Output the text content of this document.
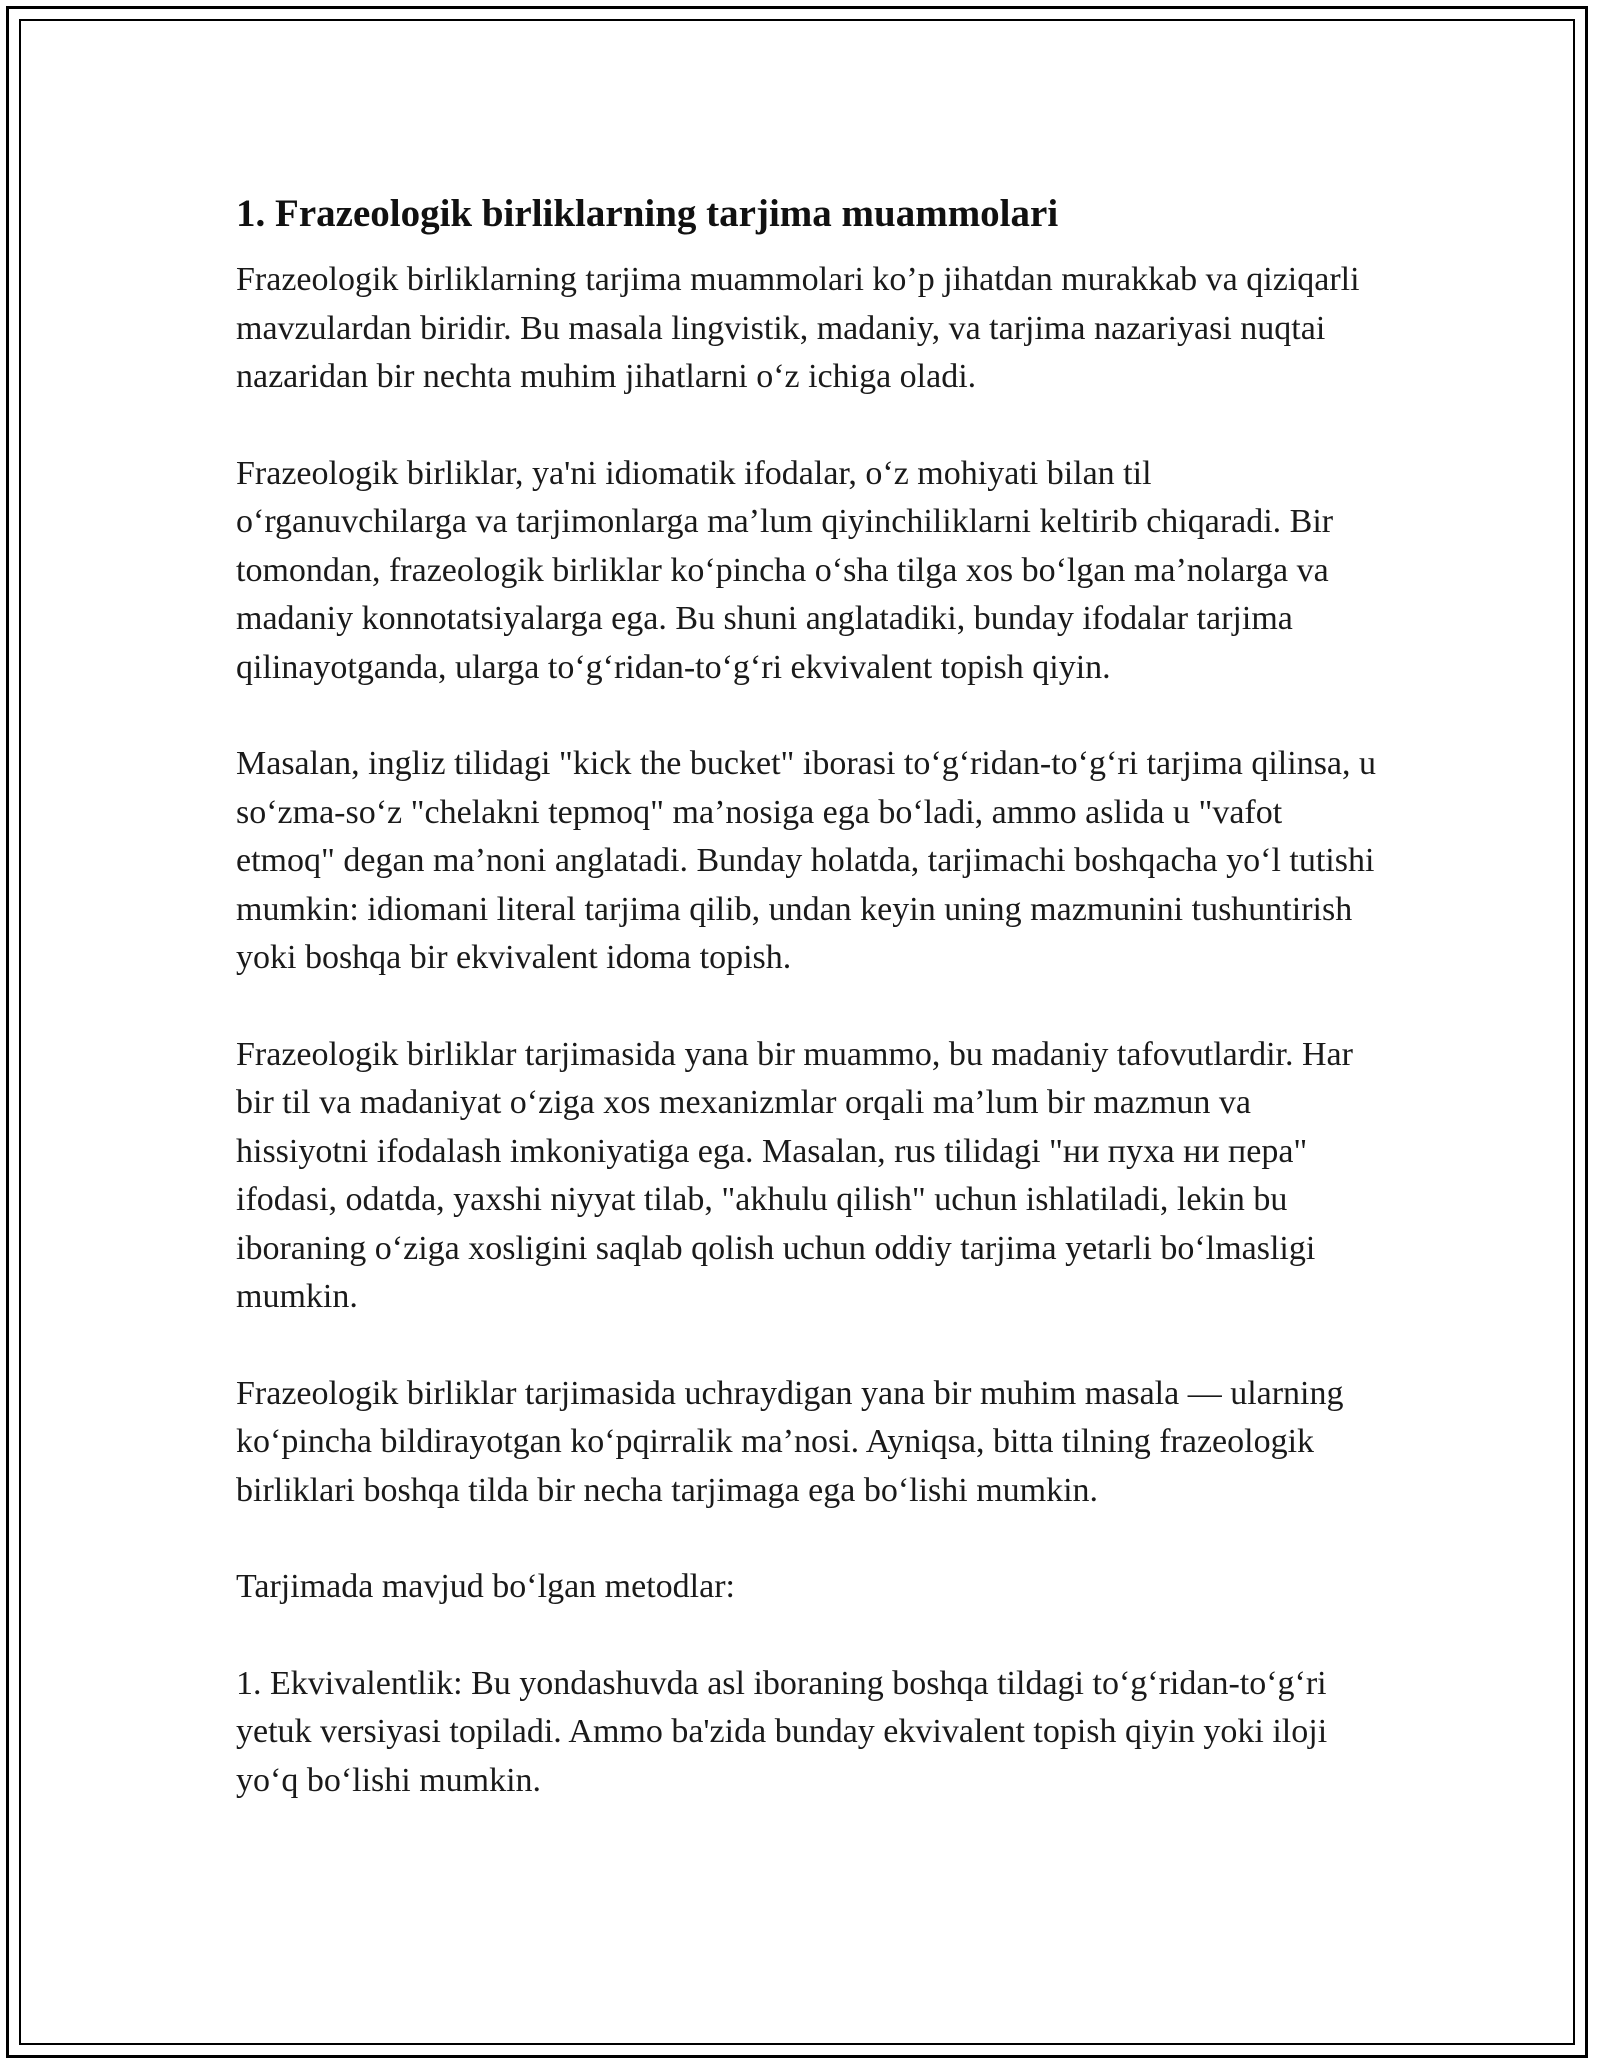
1. Frazeologik birliklarning tarjima muammolari

Frazeologik birliklarning tarjima muammolari ko’p jihatdan murakkab va qiziqarli mavzulardan biridir. Bu masala lingvistik, madaniy, va tarjima nazariyasi nuqtai nazaridan bir nechta muhim jihatlarni o‘z ichiga oladi.

Frazeologik birliklar, ya'ni idiomatik ifodalar, o‘z mohiyati bilan til o‘rganuvchilarga va tarjimonlarga ma’lum qiyinchiliklarni keltirib chiqaradi. Bir tomondan, frazeologik birliklar ko‘pincha o‘sha tilga xos bo‘lgan ma’nolarga va madaniy konnotatsiyalarga ega. Bu shuni anglatadiki, bunday ifodalar tarjima qilinayotganda, ularga to‘g‘ridan-to‘g‘ri ekvivalent topish qiyin.

Masalan, ingliz tilidagi "kick the bucket" iborasi to‘g‘ridan-to‘g‘ri tarjima qilinsa, u so‘zma-so‘z "chelakni tepmoq" ma’nosiga ega bo‘ladi, ammo aslida u "vafot etmoq" degan ma’noni anglatadi. Bunday holatda, tarjimachi boshqacha yo‘l tutishi mumkin: idiomani literal tarjima qilib, undan keyin uning mazmunini tushuntirish yoki boshqa bir ekvivalent idoma topish.

Frazeologik birliklar tarjimasida yana bir muammo, bu madaniy tafovutlardir. Har bir til va madaniyat o‘ziga xos mexanizmlar orqali ma’lum bir mazmun va hissiyotni ifodalash imkoniyatiga ega. Masalan, rus tilidagi "ни пуха ни пера" ifodasi, odatda, yaxshi niyyat tilab, "akhulu qilish" uchun ishlatiladi, lekin bu iboraning o‘ziga xosligini saqlab qolish uchun oddiy tarjima yetarli bo‘lmasligi mumkin.

Frazeologik birliklar tarjimasida uchraydigan yana bir muhim masala — ularning ko‘pincha bildirayotgan ko‘pqirralik ma’nosi. Ayniqsa, bitta tilning frazeologik birliklari boshqa tilda bir necha tarjimaga ega bo‘lishi mumkin.

Tarjimada mavjud bo‘lgan metodlar:

1. Ekvivalentlik: Bu yondashuvda asl iboraning boshqa tildagi to‘g‘ridan-to‘g‘ri yetuk versiyasi topiladi. Ammo ba'zida bunday ekvivalent topish qiyin yoki iloji yo‘q bo‘lishi mumkin.
